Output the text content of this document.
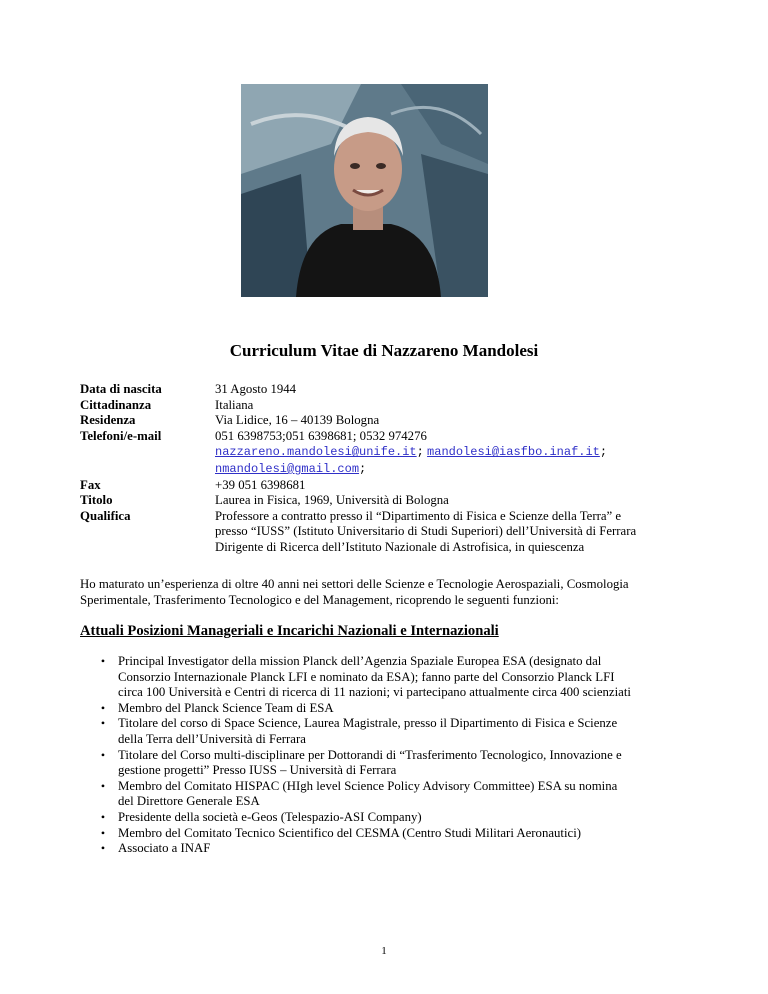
Curriculum Vitae di Nazzareno Mandolesi
Data di nascita	31 Agosto 1944
Cittadinanza	Italiana
Residenza	Via Lidice, 16 – 40139 Bologna
Telefoni/e-mail	051 6398753;051 6398681; 0532 974276
nazzareno.mandolesi@unife.it; mandolesi@iasfbo.inaf.it;
nmandolesi@gmail.com;
Fax	+39 051 6398681
Titolo	Laurea in Fisica, 1969, Università di Bologna
Qualifica	Professore a contratto presso il “Dipartimento di Fisica e Scienze della Terra” e
presso “IUSS” (Istituto Universitario di Studi Superiori) dell’Università di Ferrara
Dirigente di Ricerca dell’Istituto Nazionale di Astrofisica, in quiescenza
Ho maturato un’esperienza di oltre 40 anni nei settori delle Scienze e Tecnologie Aerospaziali, Cosmologia
Sperimentale, Trasferimento Tecnologico e del Management, ricoprendo le seguenti funzioni:
Attuali Posizioni Manageriali e Incarichi Nazionali e Internazionali
•	Principal Investigator della mission Planck dell’Agenzia Spaziale Europea ESA (designato dal
Consorzio Internazionale Planck LFI e nominato da ESA); fanno parte del Consorzio Planck LFI
circa 100 Università e Centri di ricerca di 11 nazioni; vi partecipano attualmente circa 400 scienziati
•	Membro del Planck Science Team di ESA
•	Titolare del corso di Space Science, Laurea Magistrale, presso il Dipartimento di Fisica e Scienze
della Terra dell’Università di Ferrara
•	Titolare del Corso multi-disciplinare per Dottorandi di “Trasferimento Tecnologico, Innovazione e
gestione progetti” Presso IUSS – Università di Ferrara
•	Membro del Comitato HISPAC (HIgh level Science Policy Advisory Committee) ESA su nomina
del Direttore Generale ESA
•	Presidente della società e-Geos (Telespazio-ASI Company)
•	Membro del Comitato Tecnico Scientifico del CESMA (Centro Studi Militari Aeronautici)
•	Associato a INAF
1
